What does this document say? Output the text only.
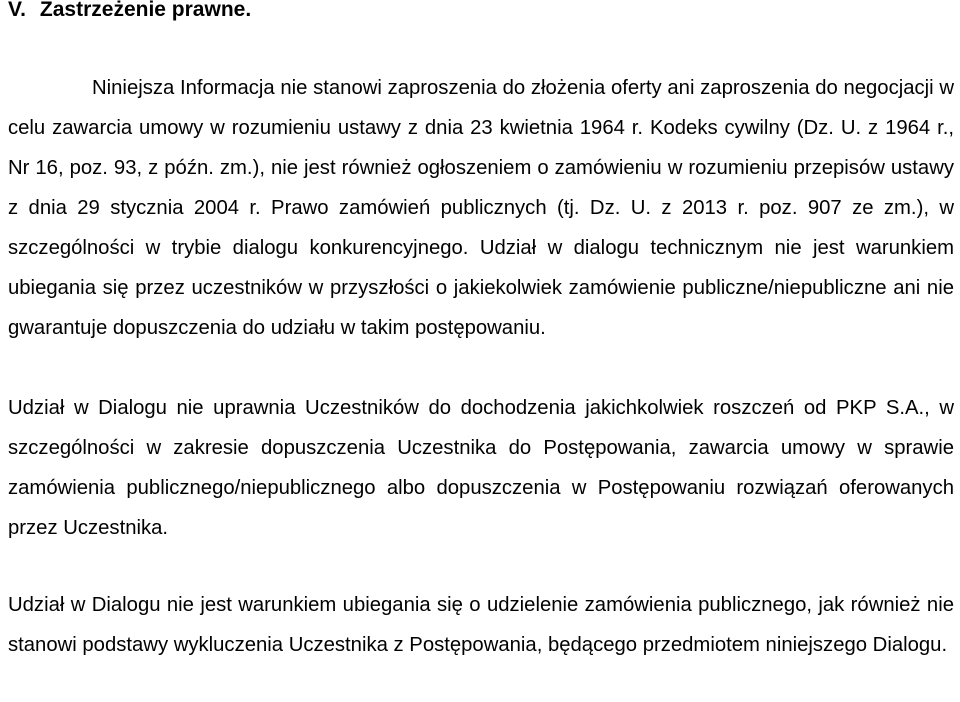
V. Zastrzeżenie prawne.

Niniejsza Informacja nie stanowi zaproszenia do złożenia oferty ani zaproszenia do negocjacji w celu zawarcia umowy w rozumieniu ustawy z dnia 23 kwietnia 1964 r. Kodeks cywilny (Dz. U. z 1964 r., Nr 16, poz. 93, z późn. zm.), nie jest również ogłoszeniem o zamówieniu w rozumieniu przepisów ustawy z dnia 29 stycznia 2004 r. Prawo zamówień publicznych (tj. Dz. U. z 2013 r. poz. 907 ze zm.), w szczególności w trybie dialogu konkurencyjnego. Udział w dialogu technicznym nie jest warunkiem ubiegania się przez uczestników w przyszłości o jakiekolwiek zamówienie publiczne/niepubliczne ani nie gwarantuje dopuszczenia do udziału w takim postępowaniu.

Udział w Dialogu nie uprawnia Uczestników do dochodzenia jakichkolwiek roszczeń od PKP S.A., w szczególności w zakresie dopuszczenia Uczestnika do Postępowania, zawarcia umowy w sprawie zamówienia publicznego/niepublicznego albo dopuszczenia w Postępowaniu rozwiązań oferowanych przez Uczestnika.

Udział w Dialogu nie jest warunkiem ubiegania się o udzielenie zamówienia publicznego, jak również nie stanowi podstawy wykluczenia Uczestnika z Postępowania, będącego przedmiotem niniejszego Dialogu.
